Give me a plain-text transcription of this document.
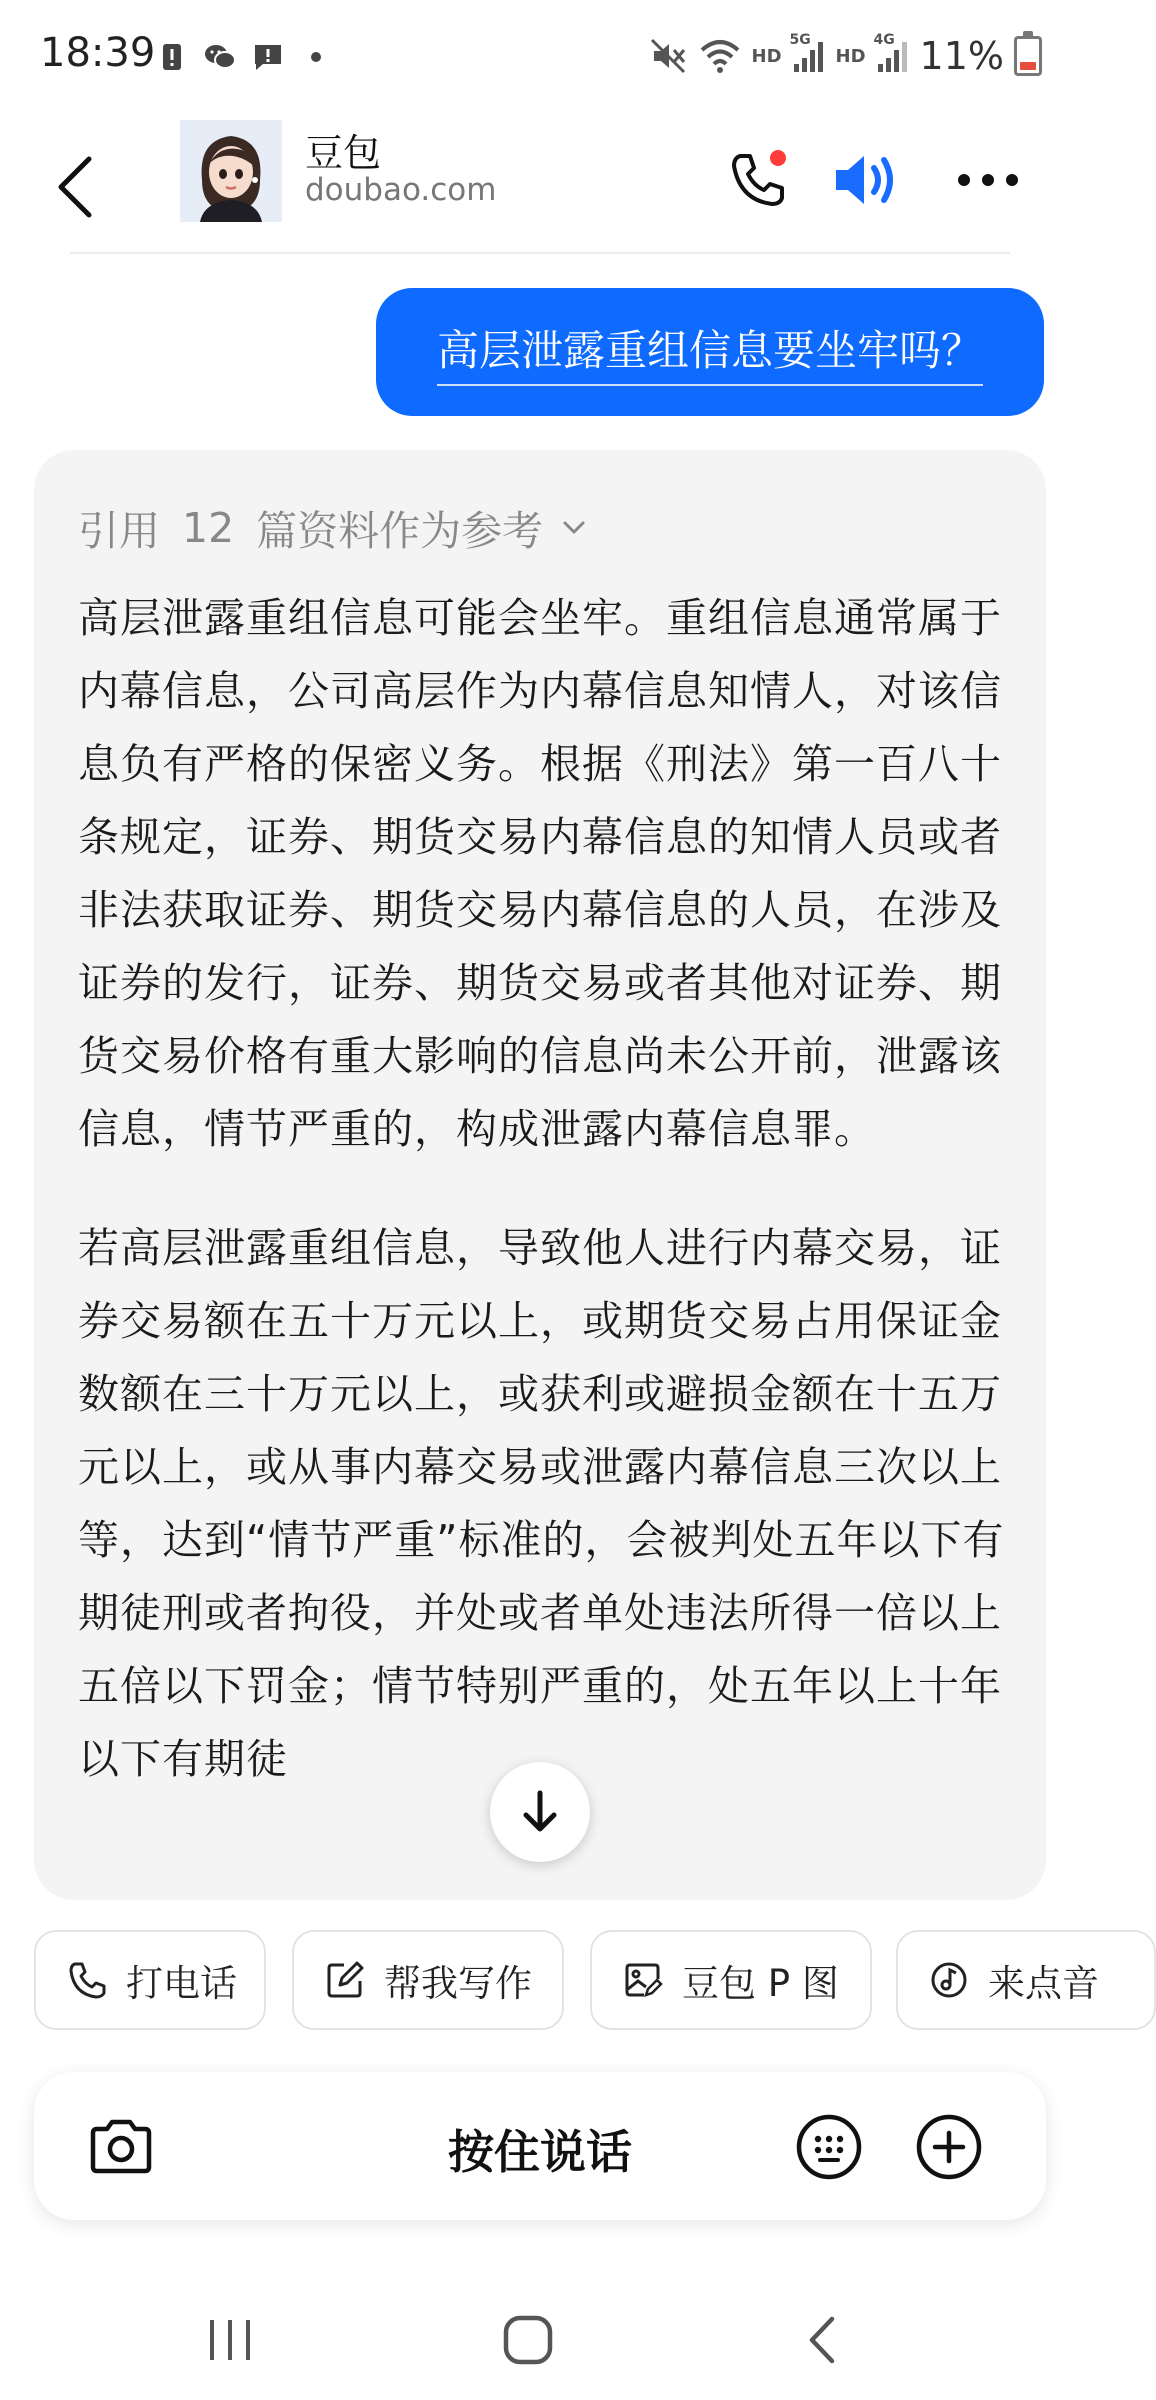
18:39	HD
5G
HD
4G 11%
豆包
doubao.com
高层泄露重组信息要坐牢吗？
引用 12 篇资料作为参考

高层泄露重组信息可能会坐牢。重组信息通常属于内幕信息，公司高层作为内幕信息知情人，对该信息负有严格的保密义务。根据《刑法》第一百八十条规定，证券、期货交易内幕信息的知情人员或者非法获取证券、期货交易内幕信息的人员，在涉及证券的发行，证券、期货交易或者其他对证券、期货交易价格有重大影响的信息尚未公开前，泄露该信息，情节严重的，构成泄露内幕信息罪。

若高层泄露重组信息，导致他人进行内幕交易，证券交易额在五十万元以上，或期货交易占用保证金数额在三十万元以上，或获利或避损金额在十五万元以上，或从事内幕交易或泄露内幕信息三次以上等，达到“情节严重”标准的，会被判处五年以下有期徒刑或者拘役，并处或者单处违法所得一倍以上五倍以下罚金；情节特别严重的，处五年以上十年以下有期徒

打电话	帮我写作	豆包 P 图	来点音
按住说话
